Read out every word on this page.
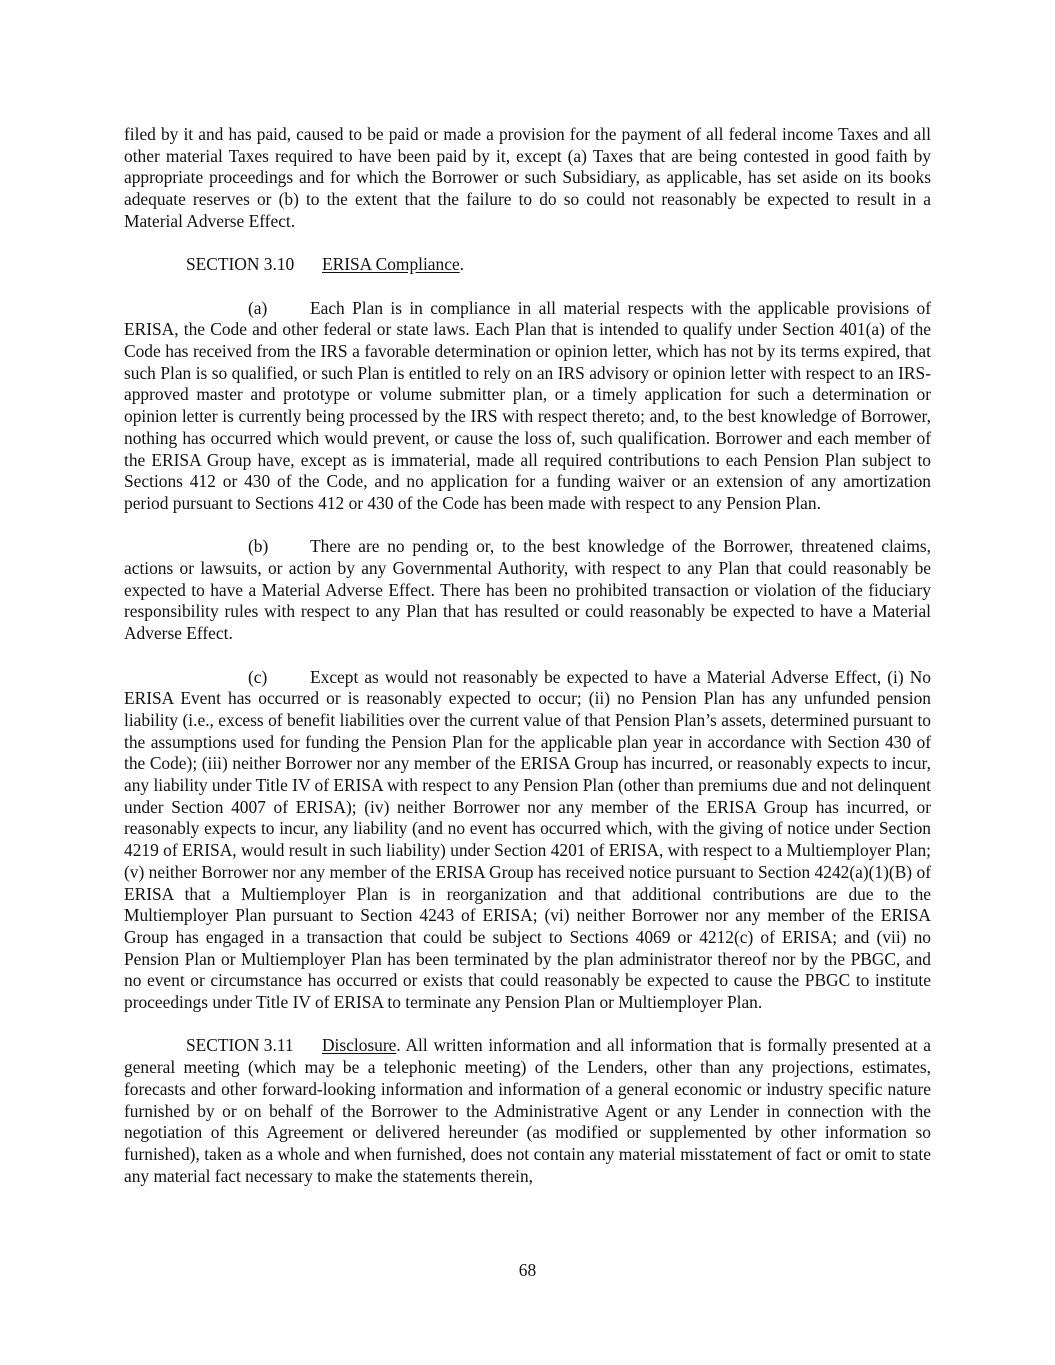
filed by it and has paid, caused to be paid or made a provision for the payment of all federal income Taxes and all other material Taxes required to have been paid by it, except (a) Taxes that are being contested in good faith by appropriate proceedings and for which the Borrower or such Subsidiary, as applicable, has set aside on its books adequate reserves or (b) to the extent that the failure to do so could not reasonably be expected to result in a Material Adverse Effect.

SECTION 3.10 ERISA Compliance.

(a) Each Plan is in compliance in all material respects with the applicable provisions of ERISA, the Code and other federal or state laws. Each Plan that is intended to qualify under Section 401(a) of the Code has received from the IRS a favorable determination or opinion letter, which has not by its terms expired, that such Plan is so qualified, or such Plan is entitled to rely on an IRS advisory or opinion letter with respect to an IRS-approved master and prototype or volume submitter plan, or a timely application for such a determination or opinion letter is currently being processed by the IRS with respect thereto; and, to the best knowledge of Borrower, nothing has occurred which would prevent, or cause the loss of, such qualification. Borrower and each member of the ERISA Group have, except as is immaterial, made all required contributions to each Pension Plan subject to Sections 412 or 430 of the Code, and no application for a funding waiver or an extension of any amortization period pursuant to Sections 412 or 430 of the Code has been made with respect to any Pension Plan.

(b) There are no pending or, to the best knowledge of the Borrower, threatened claims, actions or lawsuits, or action by any Governmental Authority, with respect to any Plan that could reasonably be expected to have a Material Adverse Effect. There has been no prohibited transaction or violation of the fiduciary responsibility rules with respect to any Plan that has resulted or could reasonably be expected to have a Material Adverse Effect.

(c) Except as would not reasonably be expected to have a Material Adverse Effect, (i) No ERISA Event has occurred or is reasonably expected to occur; (ii) no Pension Plan has any unfunded pension liability (i.e., excess of benefit liabilities over the current value of that Pension Plan’s assets, determined pursuant to the assumptions used for funding the Pension Plan for the applicable plan year in accordance with Section 430 of the Code); (iii) neither Borrower nor any member of the ERISA Group has incurred, or reasonably expects to incur, any liability under Title IV of ERISA with respect to any Pension Plan (other than premiums due and not delinquent under Section 4007 of ERISA); (iv) neither Borrower nor any member of the ERISA Group has incurred, or reasonably expects to incur, any liability (and no event has occurred which, with the giving of notice under Section 4219 of ERISA, would result in such liability) under Section 4201 of ERISA, with respect to a Multiemployer Plan; (v) neither Borrower nor any member of the ERISA Group has received notice pursuant to Section 4242(a)(1)(B) of ERISA that a Multiemployer Plan is in reorganization and that additional contributions are due to the Multiemployer Plan pursuant to Section 4243 of ERISA; (vi) neither Borrower nor any member of the ERISA Group has engaged in a transaction that could be subject to Sections 4069 or 4212(c) of ERISA; and (vii) no Pension Plan or Multiemployer Plan has been terminated by the plan administrator thereof nor by the PBGC, and no event or circumstance has occurred or exists that could reasonably be expected to cause the PBGC to institute proceedings under Title IV of ERISA to terminate any Pension Plan or Multiemployer Plan.

SECTION 3.11 Disclosure. All written information and all information that is formally presented at a general meeting (which may be a telephonic meeting) of the Lenders, other than any projections, estimates, forecasts and other forward-looking information and information of a general economic or industry specific nature furnished by or on behalf of the Borrower to the Administrative Agent or any Lender in connection with the negotiation of this Agreement or delivered hereunder (as modified or supplemented by other information so furnished), taken as a whole and when furnished, does not contain any material misstatement of fact or omit to state any material fact necessary to make the statements therein,

68
